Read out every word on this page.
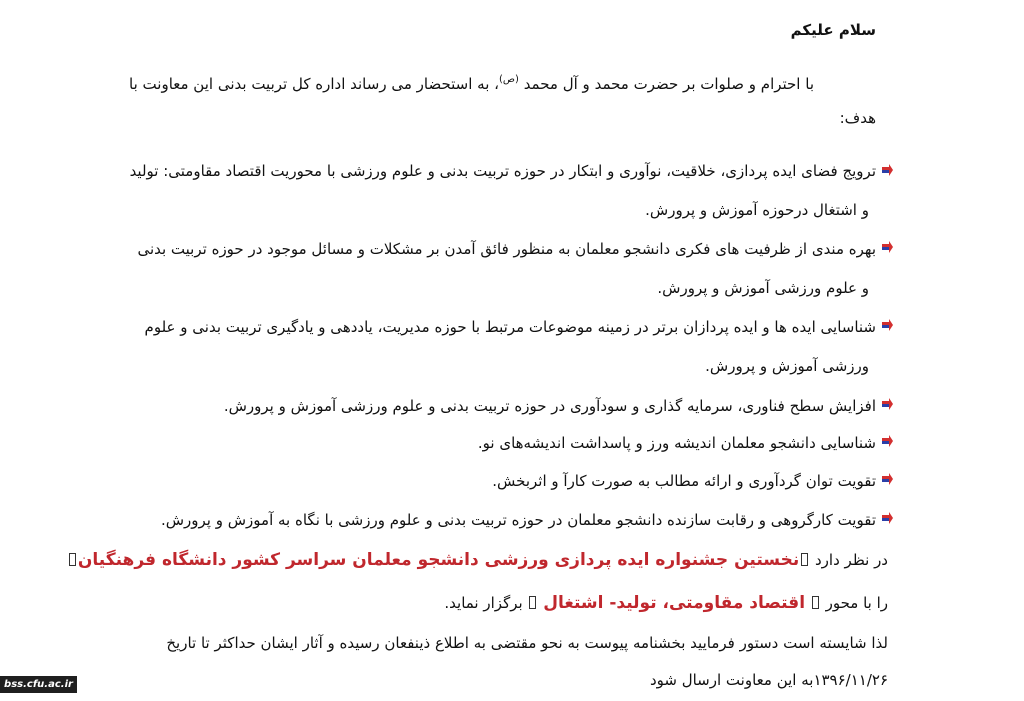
سلام علیکم
با احترام و صلوات بر حضرت محمد و آل محمد $^{(ص)}$، به استحضار می رساند اداره کل تربیت بدنی این معاونت با
هدف:
ترویج فضای ایده پردازی، خلاقیت، نوآوری و ابتکار در حوزه تربیت بدنی و علوم ورزشی با محوریت اقتصاد مقاومتی: تولید
و اشتغال درحوزه آموزش و پرورش.
بهره مندی از ظرفیت های فکری دانشجو معلمان به منظور فائق آمدن بر مشکلات و مسائل موجود در حوزه تربیت بدنی
و علوم ورزشی آموزش و پرورش.
شناسایی ایده ها و ایده پردازان برتر در زمینه موضوعات مرتبط با حوزه مدیریت، یاددهی و یادگیری تربیت بدنی و علوم
ورزشی آموزش و پرورش.
افزایش سطح فناوری، سرمایه گذاری و سودآوری در حوزه تربیت بدنی و علوم ورزشی آموزش و پرورش.
شناسایی دانشجو معلمان اندیشه ورز و پاسداشت اندیشه‌های نو.
تقویت توان گردآوری و ارائه مطالب به صورت کارآ و اثربخش.
تقویت کارگروهی و رقابت سازنده دانشجو معلمان در حوزه تربیت بدنی و علوم ورزشی با نگاه به آموزش و پرورش.
در نظر دارد نخستین جشنواره ایده پردازی ورزشی دانشجو معلمان سراسر کشور دانشگاه فرهنگیان
را با محور  اقتصاد مقاومتی، تولید- اشتغال  برگزار نماید.
لذا شایسته است دستور فرمایید بخشنامه پیوست به نحو مقتضی به اطلاع ذینفعان رسیده و آثار ایشان حداکثر تا تاریخ
۱۳۹۶/۱۱/۲۶به این معاونت ارسال شود
bss.cfu.ac.ir
